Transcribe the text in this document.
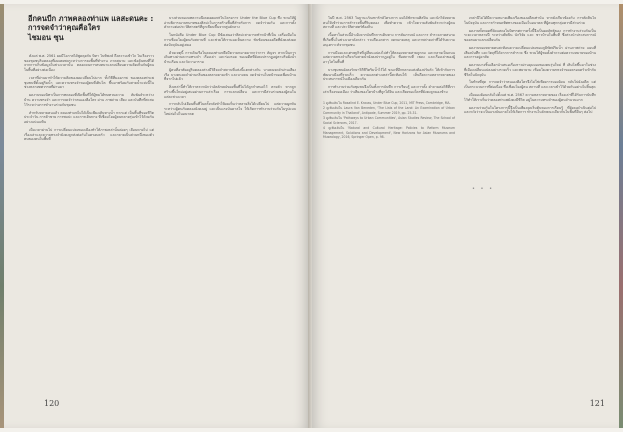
อีกคนบีก ภาพคลองท่าแพ แลสะดนคะ :
การจดจำว่าคุณคือใคร
ไชมอน ซุน

ตั้งแต่ พ.ศ. 2561 ผมมีโอกาสได้พูดคุยกับ นิทา โนทิพงษ์ ถึงความเข้าใจ ในเรื่องราวของชุมชนริมคลองที่ผมเคยพบระหว่างการลงพื้นที่ทำงาน ภาคสนาม และข้อค้นพบที่ได้จากการเก็บข้อมูลในช่วงเวลานั้น ตลอดจนการสนทนาแลกเปลี่ยนความคิดเห็นกับผู้คนในพื้นที่อย่างต่อเนื่อง

เวลาที่ผ่านมาทำให้ความคิดของผมเปลี่ยนไปมาก ทั้งวิธีที่มองภาพ ของคลองท่าแพ ชุมชนที่ตั้งอยู่ริมน้ำ และความทรงจำของผู้คนที่เติบโต ขึ้นมาพร้อมกับสายน้ำแห่งนี้ในช่วงหลายทศวรรษที่ผ่านมา

ผลงานของนิทาเป็นการทดลองที่เปิดพื้นที่ให้ผู้ชมได้ทบทวนความ สัมพันธ์ระหว่างบ้าน ความทรงจำ และการจดจำว่าตนเองคือใคร ผ่าน ภาพถ่าย เสียง และบันทึกที่สะสมไว้ระหว่างการทำงานร่วมกับชุมชน

สำหรับหลายคนแล้ว คลองท่าแพไม่ได้เป็นเพียงเส้นทางน้ำ หากแต่ เป็นพื้นที่ของชีวิตประจำวัน การค้าขาย การพบปะ และการเดินทาง ที่เชื่อมโยงผู้คนหลายรุ่นเข้าไว้ด้วยกันอย่างแน่นแฟ้น

เมื่อเวลาผ่านไป การเปลี่ยนแปลงของเมืองทำให้ภาพเหล่านั้นค่อยๆ เลือนหายไป แต่เรื่องเล่าและความทรงจำยังคงถูกส่งต่อกันในครอบครัว และกลายเป็นส่วนหนึ่งของตัวตนของคนในพื้นที่

บางส่วนของบทความนี้เคยเผยแพร่ในโครงการ Under the Blue Cup ซึ่ง ชวนให้ผู้อ่านพิจารณาบทบาทของศิลปะในการสร้างพื้นที่สำหรับการ จดจำร่วมกัน และการตั้งคำถามต่อประวัติศาสตร์ที่ถูกเขียนขึ้นจากศูนย์กลาง

ในหนังสือ Under Blue Cup มีข้อเสนอว่าศิลปะสามารถทำหน้าที่เป็น เครื่องมือในการเชื่อมโยงผู้คนกับสถานที่ และช่วยให้เรามองเห็นความ ซับซ้อนของอดีตที่ยังคงส่งผลต่อปัจจุบันอยู่เสมอ

ด้วยเหตุนี้ การเดินเรือในคลองท่าแพจึงมีความหมายมากกว่าการ สัญจร หากเป็นการเดินทางผ่านความทรงจำ เรื่องเล่า และร่องรอย ของอดีตที่ยังคงปรากฏอยู่ตามริมฝั่งน้ำ บ้านเรือน และวัดวาอาราม

ผู้คนที่อาศัยอยู่ริมคลองต่างมีวิธีจดจำสถานที่แห่งนี้แตกต่างกัน บางคนจดจำผ่านเสียงเรือ บางคนจดจำผ่านกลิ่นของตลาดยามเช้า และบางคน จดจำผ่านใบหน้าของเพื่อนบ้านที่จากไปแล้ว

สิ่งเหล่านี้ทำให้เราตระหนักว่าอัตลักษณ์ของพื้นที่ไม่ได้ถูกกำหนดไว้ ตายตัว หากถูกสร้างขึ้นใหม่อยู่เสมอผ่านการเล่าเรื่อง การแลกเปลี่ยน และการมีส่วนร่วมของผู้คนในแต่ละช่วงเวลา

การกลับไปเยือนพื้นที่ในครั้งหลังทำให้ผมเห็นว่าหลายสิ่งได้เปลี่ยนไป แต่ความผูกพันระหว่างผู้คนกับคลองยังคงอยู่ และเป็นแรงบันดาลใจ ให้เกิดการทำงานร่วมกันในรูปแบบใหม่ต่อไปในอนาคต

120

ในปี พ.ศ. 2563 ในฐานะภัณฑารักษ์โครงการ ผมได้ชักชวนศิลปิน และนักวิจัยหลายคนให้เข้าร่วมการสำรวจพื้นที่ริมคลอง เพื่อทำความ เข้าใจความสัมพันธ์ระหว่างผู้คน สถานที่ และประวัติศาสตร์ท้องถิ่น

เนื้อหาในส่วนนี้อ้างอิงจากบันทึกการเดินทาง การสัมภาษณ์ และการ สำรวจภาคสนามที่เกิดขึ้นในช่วงเวลาดังกล่าว รวมถึงเอกสาร จดหมายเหตุ และภาพถ่ายเก่าที่ได้รับความอนุเคราะห์จากชุมชน

การเมืองและเศรษฐกิจที่เปลี่ยนแปลงไปทำให้คลองหลายสายถูกถม และกลายเป็นถนน แต่ความทรงจำเกี่ยวกับสายน้ำยังคงปรากฏอยู่ใน ชื่อสถานที่ เพลง และเรื่องเล่าของผู้อาวุโสในพื้นที่

บางชุมชนยังคงรักษาวิถีชีวิตริมน้ำไว้ได้ ขณะที่อีกหลายแห่งต้องปรับตัว ให้เข้ากับการพัฒนาเมืองที่รวดเร็ว ความแตกต่างเหล่านี้สะท้อนให้ เห็นถึงความหลากหลายของประสบการณ์ในเมืองเดียวกัน

การทำงานร่วมกับชุมชนจึงเป็นทั้งการบันทึก การเรียนรู้ และการตั้ง คำถามต่อวิธีที่เราเล่าเรื่องของเมือง ว่าเสียงของใครบ้างที่ถูกได้ยิน และเสียงของใครที่ยังคงถูกมองข้าม

1 ดูเพิ่มเติมใน Rosalind E. Krauss, Under Blue Cup, 2011, MIT Press, Cambridge, MA.

2 ดูเพิ่มเติมใน Laura Van Beneden, 'The Lists of the Land: An Examination of Urban Community in Thailand', Antipode, Summer 2019, pp. 25-31.

3 ดูเพิ่มเติมใน 'Pathways to Urban Communities', Asian Studies Review, The School of Social Sciences, 2017.

4 ดูเพิ่มเติมใน 'Natural and Cultural Heritage: Policies to Reform Museum Management, Solutions and Development', New Horizons for Asian Museums and Museology, 2016, Springer Open, p. 98.

เหล่านี้ไม่ได้มีความหมายเพียงเรื่องของอดีตเท่านั้น หากยังเกี่ยวข้องกับ การตัดสินใจในปัจจุบัน และการกำหนดทิศทางของเมืองในอนาคต ที่ผู้คนทุกกลุ่มควรมีส่วนร่วม

ผลงานทั้งหมดที่จัดแสดงในนิทรรศการครั้งนี้จึงเป็นผลลัพธ์ของ การทำงานร่วมกันเป็นระยะเวลาหลายปี ระหว่างศิลปิน นักวิจัย และ ชาวบ้านในพื้นที่ ซึ่งต่างนำประสบการณ์ของตนมาแลกเปลี่ยนกัน

ผลงานของหลายคนสะท้อนความเปลี่ยนแปลงของภูมิทัศน์ริมน้ำ ผ่านภาพถ่าย แผนที่ เสียงบันทึก และวัตถุที่ได้จากการสำรวจ ซึ่ง ชวนให้ผู้ชมตั้งคำถามต่อความหมายของบ้านและการอยู่อาศัย

ผลงานบางชิ้นเลือกนำเสนอเรื่องราวผ่านมุมมองของคนรุ่นใหม่ ที่ เติบโตขึ้นมาในช่วงที่เมืองเปลี่ยนแปลงอย่างรวดเร็ว และพยายาม เชื่อมโยงความทรงจำของครอบครัวเข้ากับชีวิตในปัจจุบัน

ในท้ายที่สุด การจดจำว่าตนเองคือใครจึงไม่ใช่เพียงการมองย้อน กลับไปยังอดีต แต่เป็นกระบวนการที่ต่อเนื่อง ซึ่งเชื่อมโยงผู้คน สถานที่ และเวลาเข้าไว้ด้วยกันอย่างไม่สิ้นสุด

เมื่อมองย้อนกลับไปตั้งแต่ พ.ศ. 2567 ความหลากหลายของ เรื่องเล่าที่ได้รับการบันทึกไว้ทำให้เราเห็นว่าคลองท่าแพยังคงมีชีวิต อยู่ในความทรงจำของผู้คนจำนวนมาก

ผลงานร่วมกันในโครงการนี้จึงเป็นเพียงจุดเริ่มต้นของการเรียนรู้ ที่ยังคงดำเนินต่อไป และหวังว่าจะเป็นแรงบันดาลใจให้เกิดการ ทำงานในลักษณะเดียวกันในพื้นที่อื่นๆ ต่อไป

• • •
121
